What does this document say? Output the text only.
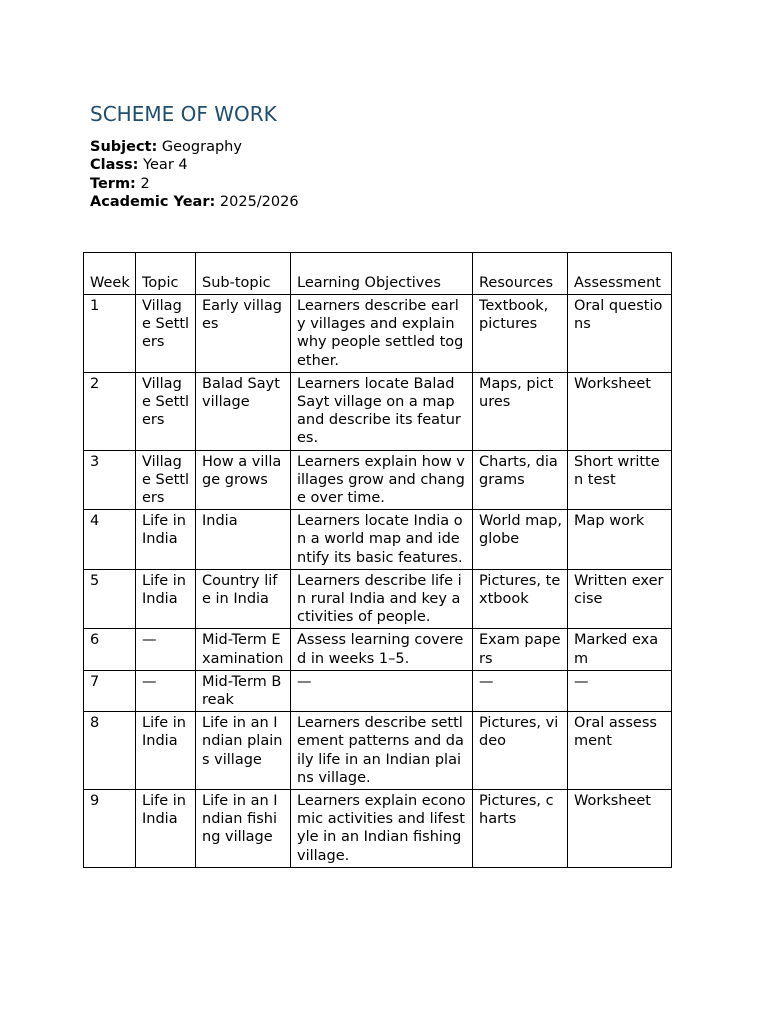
SCHEME OF WORK
Subject: Geography
Class: Year 4
Term: 2
Academic Year: 2025/2026
Week	Topic	Sub-topic	Learning Objectives	Resources	Assessment
1	Village Settlers	Early villages	Learners describe early villages and explain why people settled together.	Textbook, pictures	Oral questions
2	Village Settlers	Balad Sayt village	Learners locate Balad Sayt village on a map and describe its features.	Maps, pictures	Worksheet
3	Village Settlers	How a village grows	Learners explain how villages grow and change over time.	Charts, diagrams	Short written test
4	Life in India	India	Learners locate India on a world map and identify its basic features.	World map, globe	Map work
5	Life in India	Country life in India	Learners describe life in rural India and key activities of people.	Pictures, textbook	Written exercise
6	—	Mid-Term Examination	Assess learning covered in weeks 1–5.	Exam papers	Marked exam
7	—	Mid-Term Break	—	—	—
8	Life in India	Life in an Indian plains village	Learners describe settlement patterns and daily life in an Indian plains village.	Pictures, video	Oral assessment
9	Life in India	Life in an Indian fishing village	Learners explain economic activities and lifestyle in an Indian fishing village.	Pictures, charts	Worksheet
